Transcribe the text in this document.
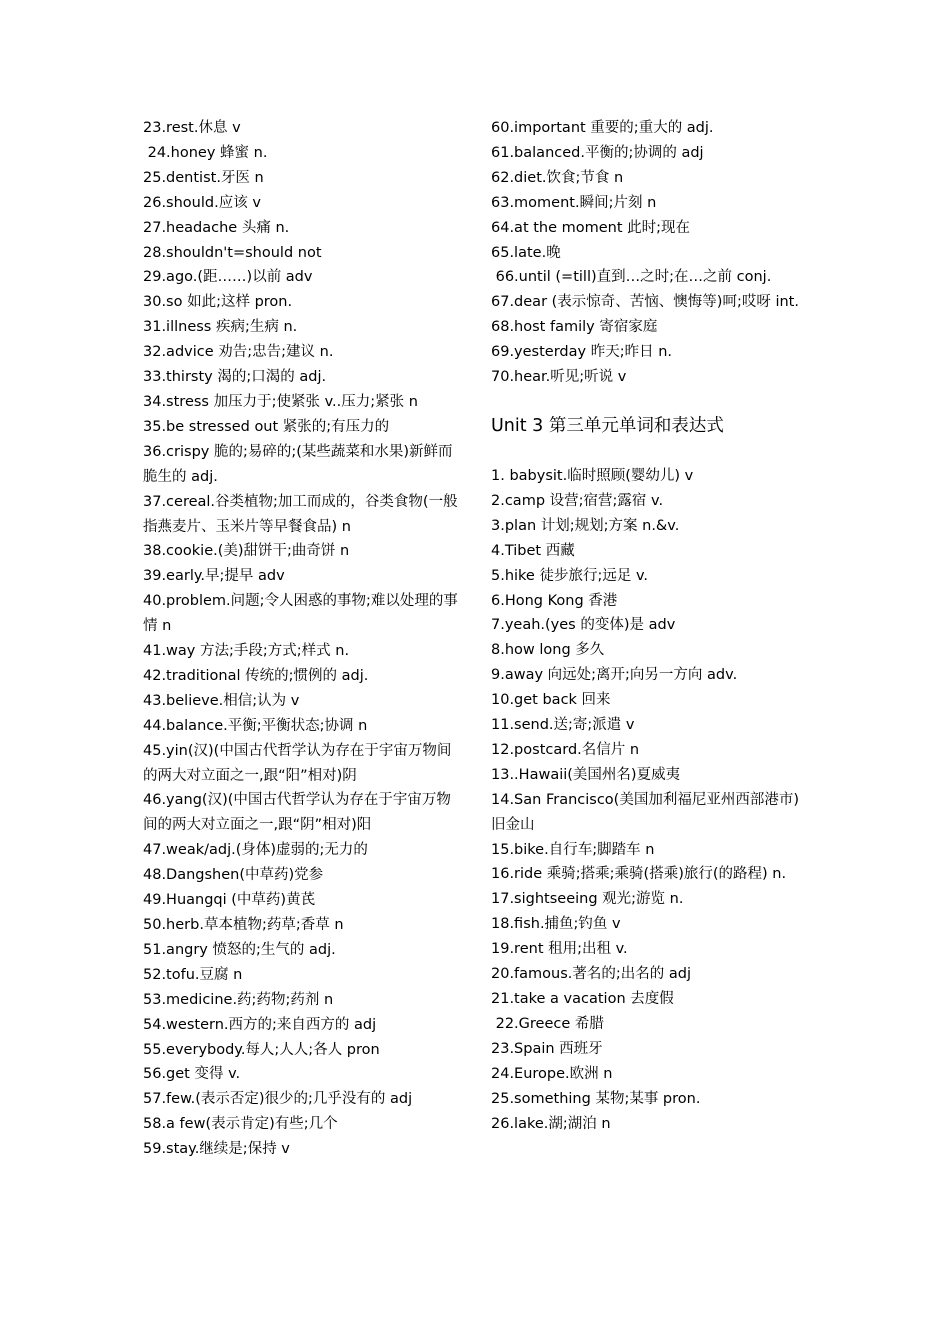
23.rest.休息 v
24.honey 蜂蜜 n.
25.dentist.牙医 n
26.should.应该 v
27.headache 头痛 n.
28.shouldn't=should not
29.ago.(距……)以前 adv
30.so 如此;这样 pron.
31.illness 疾病;生病 n.
32.advice 劝告;忠告;建议 n.
33.thirsty 渴的;口渴的 adj.
34.stress 加压力于;使紧张 v..压力;紧张 n
35.be stressed out 紧张的;有压力的
36.crispy 脆的;易碎的;(某些蔬菜和水果)新鲜而脆生的 adj.
37.cereal.谷类植物;加工而成的，谷类食物(一般指燕麦片、玉米片等早餐食品) n
38.cookie.(美)甜饼干;曲奇饼 n
39.early.早;提早 adv
40.problem.问题;令人困惑的事物;难以处理的事情 n
41.way 方法;手段;方式;样式 n.
42.traditional 传统的;惯例的 adj.
43.believe.相信;认为 v
44.balance.平衡;平衡状态;协调 n
45.yin(汉)(中国古代哲学认为存在于宇宙万物间的两大对立面之一,跟“阳”相对)阴
46.yang(汉)(中国古代哲学认为存在于宇宙万物间的两大对立面之一,跟“阴”相对)阳
47.weak/adj.(身体)虚弱的;无力的
48.Dangshen(中草药)党参
49.Huangqi (中草药)黄芪
50.herb.草本植物;药草;香草 n
51.angry 愤怒的;生气的 adj.
52.tofu.豆腐 n
53.medicine.药;药物;药剂 n
54.western.西方的;来自西方的 adj
55.everybody.每人;人人;各人 pron
56.get 变得 v.
57.few.(表示否定)很少的;几乎没有的 adj
58.a few(表示肯定)有些;几个
59.stay.继续是;保持 v
60.important 重要的;重大的 adj.
61.balanced.平衡的;协调的 adj
62.diet.饮食;节食 n
63.moment.瞬间;片刻 n
64.at the moment 此时;现在
65.late.晚
66.until (=till)直到…之时;在…之前 conj.
67.dear (表示惊奇、苦恼、懊悔等)呵;哎呀 int.
68.host family 寄宿家庭
69.yesterday 昨天;昨日 n.
70.hear.听见;听说 v
Unit 3 第三单元单词和表达式
1. babysit.临时照顾(婴幼儿) v
2.camp 设营;宿营;露宿 v.
3.plan 计划;规划;方案 n.&v.
4.Tibet 西藏
5.hike 徒步旅行;远足 v.
6.Hong Kong 香港
7.yeah.(yes 的变体)是 adv
8.how long 多久
9.away 向远处;离开;向另一方向 adv.
10.get back 回来
11.send.送;寄;派遣 v
12.postcard.名信片 n
13..Hawaii(美国州名)夏威夷
14.San Francisco(美国加利福尼亚州西部港市)旧金山
15.bike.自行车;脚踏车 n
16.ride 乘骑;搭乘;乘骑(搭乘)旅行(的路程) n.
17.sightseeing 观光;游览 n.
18.fish.捕鱼;钓鱼 v
19.rent 租用;出租 v.
20.famous.著名的;出名的 adj
21.take a vacation 去度假
22.Greece 希腊
23.Spain 西班牙
24.Europe.欧洲 n
25.something 某物;某事 pron.
26.lake.湖;湖泊 n
